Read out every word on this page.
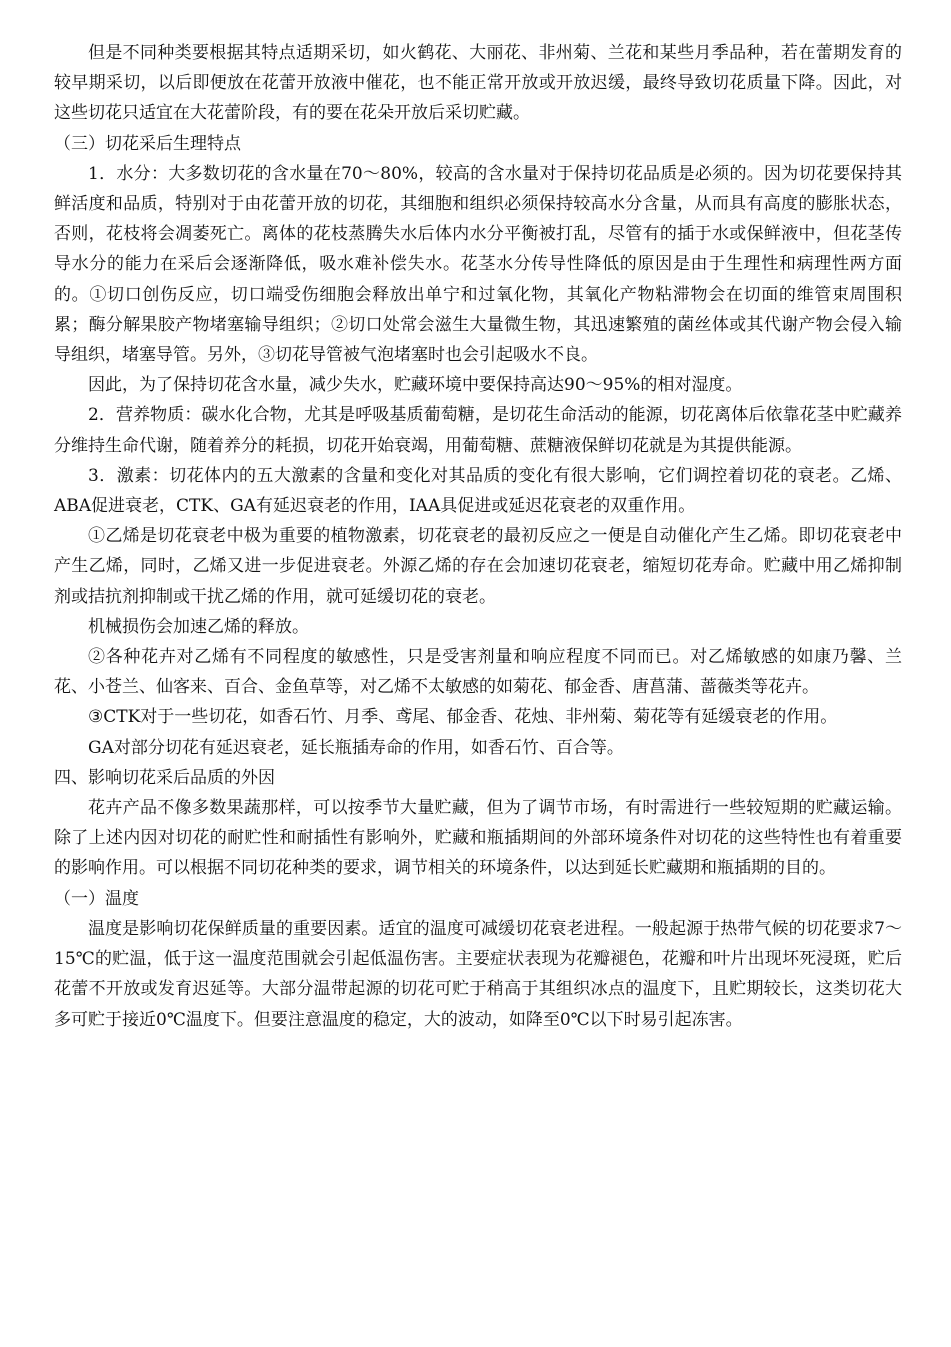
但是不同种类要根据其特点适期采切，如火鹤花、大丽花、非州菊、兰花和某些月季品种，若在蕾期发育的较早期采切，以后即便放在花蕾开放液中催花，也不能正常开放或开放迟缓，最终导致切花质量下降。因此，对这些切花只适宜在大花蕾阶段，有的要在花朵开放后采切贮藏。

（三）切花采后生理特点

1．水分：大多数切花的含水量在70～80%，较高的含水量对于保持切花品质是必须的。因为切花要保持其鲜活度和品质，特别对于由花蕾开放的切花，其细胞和组织必须保持较高水分含量，从而具有高度的膨胀状态，否则，花枝将会凋萎死亡。离体的花枝蒸腾失水后体内水分平衡被打乱，尽管有的插于水或保鲜液中，但花茎传导水分的能力在采后会逐渐降低，吸水难补偿失水。花茎水分传导性降低的原因是由于生理性和病理性两方面的。①切口创伤反应，切口端受伤细胞会释放出单宁和过氧化物，其氧化产物粘滞物会在切面的维管束周围积累；酶分解果胶产物堵塞输导组织；②切口处常会滋生大量微生物，其迅速繁殖的菌丝体或其代谢产物会侵入输导组织，堵塞导管。另外，③切花导管被气泡堵塞时也会引起吸水不良。

因此，为了保持切花含水量，减少失水，贮藏环境中要保持高达90～95%的相对湿度。

2．营养物质：碳水化合物，尤其是呼吸基质葡萄糖，是切花生命活动的能源，切花离体后依靠花茎中贮藏养分维持生命代谢，随着养分的耗损，切花开始衰竭，用葡萄糖、蔗糖液保鲜切花就是为其提供能源。

3．激素：切花体内的五大激素的含量和变化对其品质的变化有很大影响，它们调控着切花的衰老。乙烯、ABA促进衰老，CTK、GA有延迟衰老的作用，IAA具促进或延迟花衰老的双重作用。

①乙烯是切花衰老中极为重要的植物激素，切花衰老的最初反应之一便是自动催化产生乙烯。即切花衰老中产生乙烯，同时，乙烯又进一步促进衰老。外源乙烯的存在会加速切花衰老，缩短切花寿命。贮藏中用乙烯抑制剂或拮抗剂抑制或干扰乙烯的作用，就可延缓切花的衰老。

机械损伤会加速乙烯的释放。

②各种花卉对乙烯有不同程度的敏感性，只是受害剂量和响应程度不同而已。对乙烯敏感的如康乃馨、兰花、小苍兰、仙客来、百合、金鱼草等，对乙烯不太敏感的如菊花、郁金香、唐菖蒲、蔷薇类等花卉。

③CTK对于一些切花，如香石竹、月季、鸢尾、郁金香、花烛、非州菊、菊花等有延缓衰老的作用。

GA对部分切花有延迟衰老，延长瓶插寿命的作用，如香石竹、百合等。

四、影响切花采后品质的外因

花卉产品不像多数果蔬那样，可以按季节大量贮藏，但为了调节市场，有时需进行一些较短期的贮藏运输。除了上述内因对切花的耐贮性和耐插性有影响外，贮藏和瓶插期间的外部环境条件对切花的这些特性也有着重要的影响作用。可以根据不同切花种类的要求，调节相关的环境条件，以达到延长贮藏期和瓶插期的目的。

（一）温度

温度是影响切花保鲜质量的重要因素。适宜的温度可减缓切花衰老进程。一般起源于热带气候的切花要求7～15℃的贮温，低于这一温度范围就会引起低温伤害。主要症状表现为花瓣褪色，花瓣和叶片出现坏死浸斑，贮后花蕾不开放或发育迟延等。大部分温带起源的切花可贮于稍高于其组织冰点的温度下，且贮期较长，这类切花大多可贮于接近0℃温度下。但要注意温度的稳定，大的波动，如降至0℃以下时易引起冻害。
